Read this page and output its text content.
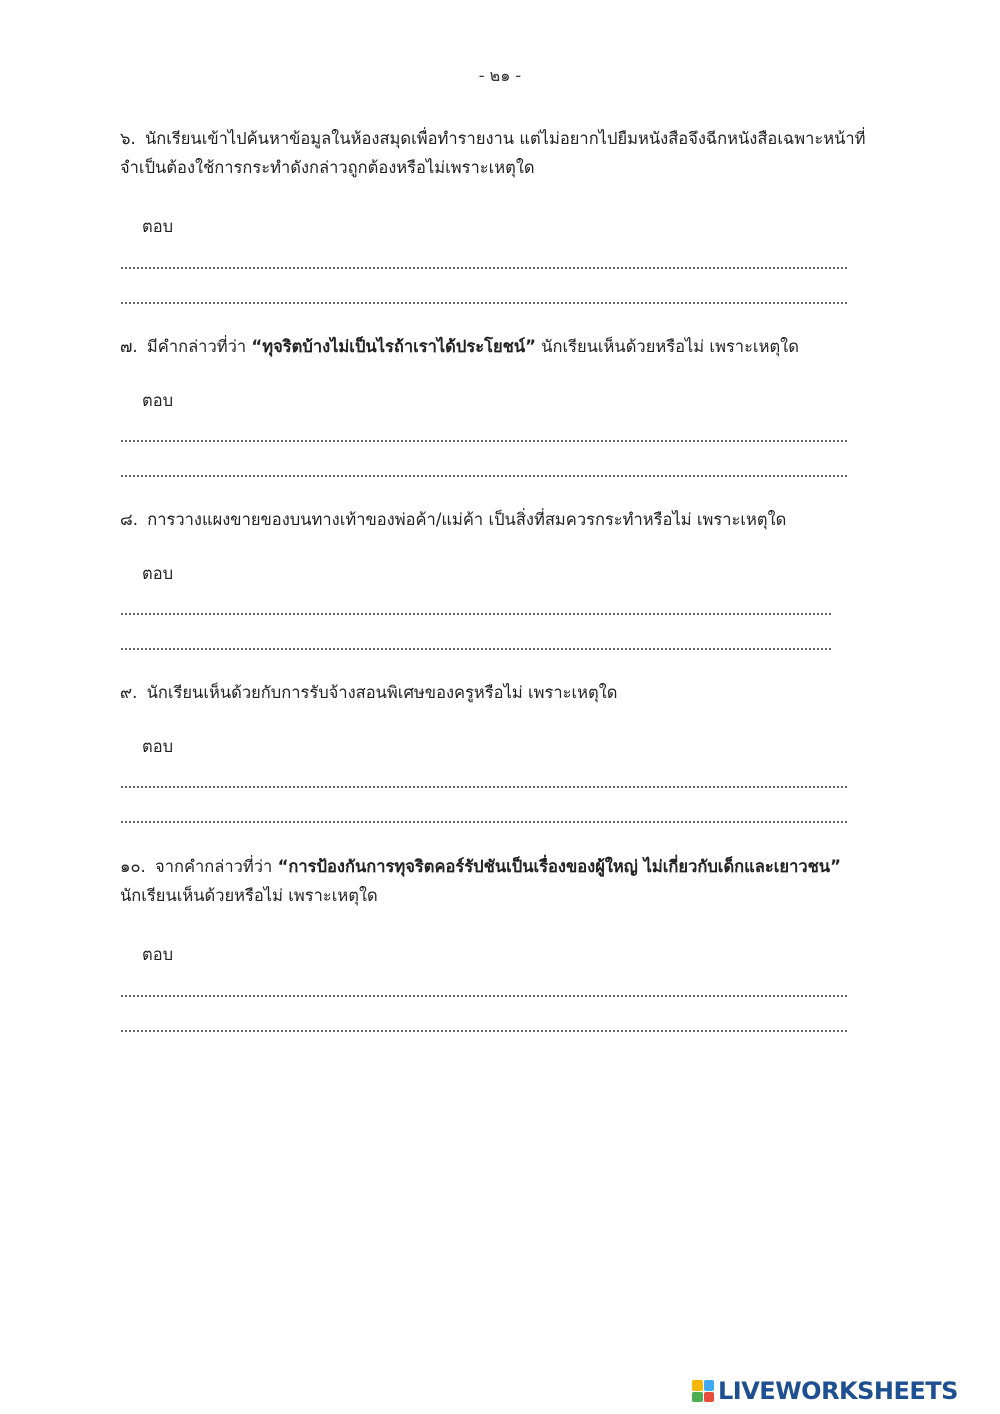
- ๒๑ -
๖. นักเรียนเข้าไปค้นหาข้อมูลในห้องสมุดเพื่อทำรายงาน แต่ไม่อยากไปยืมหนังสือจึงฉีกหนังสือเฉพาะหน้าที่จำเป็นต้องใช้การกระทำดังกล่าวถูกต้องหรือไม่เพราะเหตุใด
ตอบ
๗. มีคำกล่าวที่ว่า “ทุจริตบ้างไม่เป็นไรถ้าเราได้ประโยชน์” นักเรียนเห็นด้วยหรือไม่ เพราะเหตุใด
ตอบ
๘. การวางแผงขายของบนทางเท้าของพ่อค้า/แม่ค้า เป็นสิ่งที่สมควรกระทำหรือไม่ เพราะเหตุใด
ตอบ
๙. นักเรียนเห็นด้วยกับการรับจ้างสอนพิเศษของครูหรือไม่ เพราะเหตุใด
ตอบ
๑๐. จากคำกล่าวที่ว่า “การป้องกันการทุจริตคอร์รัปชันเป็นเรื่องของผู้ใหญ่ ไม่เกี่ยวกับเด็กและเยาวชน” นักเรียนเห็นด้วยหรือไม่ เพราะเหตุใด
ตอบ
LIVEWORKSHEETS
